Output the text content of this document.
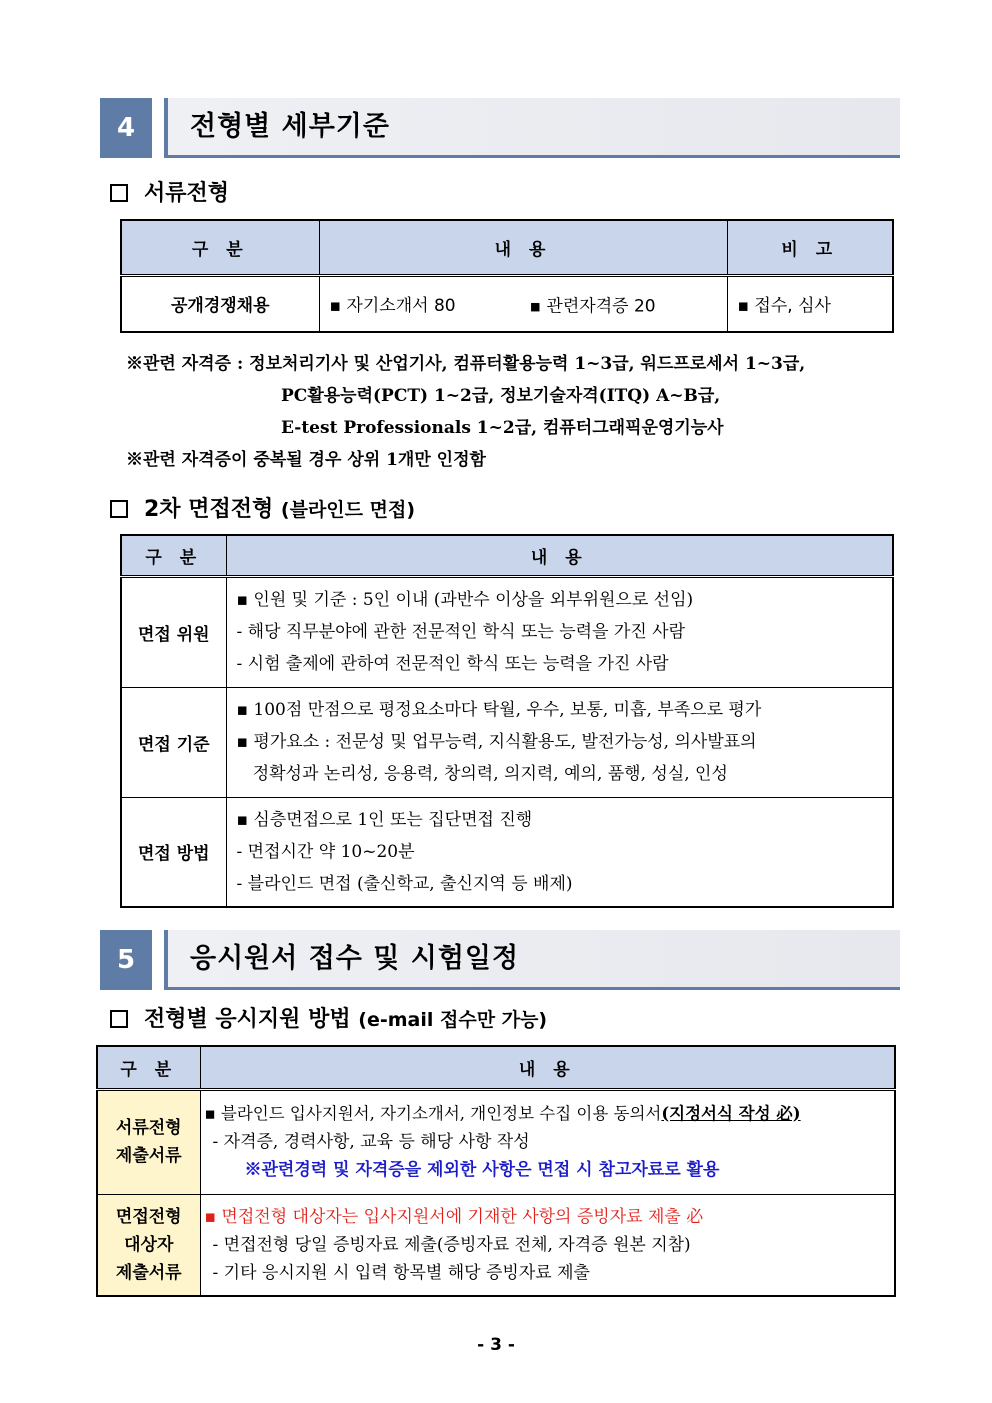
4	전형별 세부기준
서류전형
구 분	내 용	비 고
공개경쟁채용	▪ 자기소개서 80 ▪ 관련자격증 20	▪ 접수, 심사
※관련 자격증 : 정보처리기사 및 산업기사, 컴퓨터활용능력 1~3급, 워드프로세서 1~3급,
PC활용능력(PCT) 1~2급, 정보기술자격(ITQ) A~B급,
E-test Professionals 1~2급, 컴퓨터그래픽운영기능사
※관련 자격증이 중복될 경우 상위 1개만 인정함
2차 면접전형 (블라인드 면접)
구 분	내 용
면접 위원	▪ 인원 및 기준 : 5인 이내 (과반수 이상을 외부위원으로 선임)
- 해당 직무분야에 관한 전문적인 학식 또는 능력을 가진 사람
- 시험 출제에 관하여 전문적인 학식 또는 능력을 가진 사람

면접 기준	▪ 100점 만점으로 평정요소마다 탁월, 우수, 보통, 미흡, 부족으로 평가
▪ 평가요소 : 전문성 및 업무능력, 지식활용도, 발전가능성, 의사발표의
정확성과 논리성, 응용력, 창의력, 의지력, 예의, 품행, 성실, 인성

면접 방법	▪ 심층면접으로 1인 또는 집단면접 진행
- 면접시간 약 10~20분
- 블라인드 면접 (출신학교, 출신지역 등 배제)
5	응시원서 접수 및 시험일정
전형별 응시지원 방법 (e-mail 접수만 가능)
구 분	내 용

서류전형
제출서류	▪ 블라인드 입사지원서, 자기소개서, 개인정보 수집 이용 동의서(지정서식 작성 必)
- 자격증, 경력사항, 교육 등 해당 사항 작성
※관련경력 및 자격증을 제외한 사항은 면접 시 참고자료로 활용

면접전형
대상자
제출서류	▪ 면접전형 대상자는 입사지원서에 기재한 사항의 증빙자료 제출 必
- 면접전형 당일 증빙자료 제출(증빙자료 전체, 자격증 원본 지참)
- 기타 응시지원 시 입력 항목별 해당 증빙자료 제출
- 3 -
